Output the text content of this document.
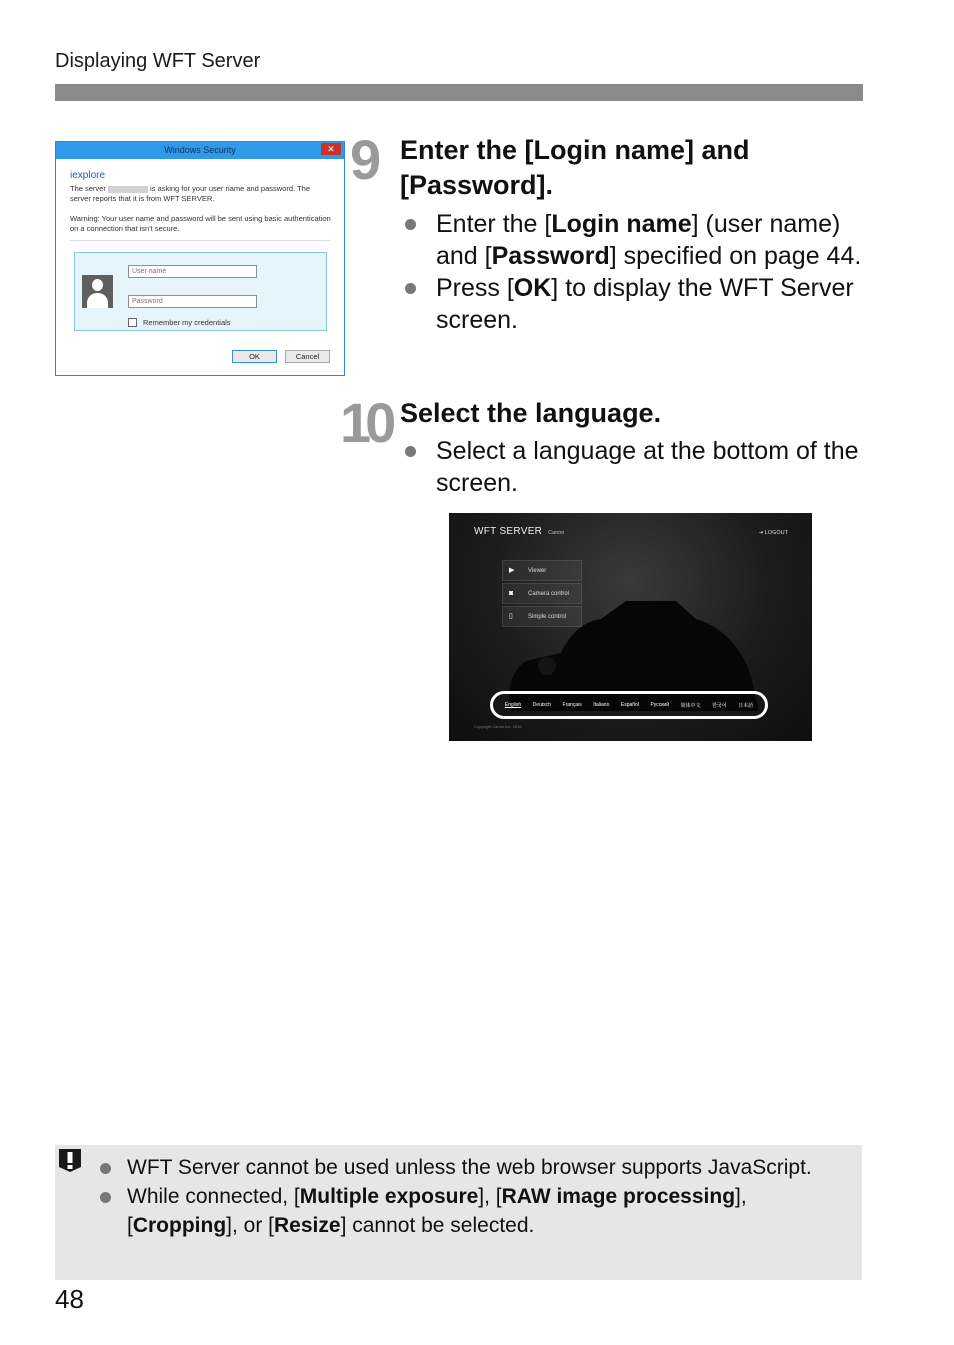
Displaying WFT Server
Windows Security	✕
iexplore
The server	is asking for your user name and password. The server reports that it is from WFT SERVER.
Warning: Your user name and password will be sent using basic authentication on a connection that isn't secure.
User name
Password
Remember my credentials
OK	Cancel
9 Enter the [Login name] and
[Password].
Enter the [Login name] (user name) and [Password] specified on page 44.
Press [OK] to display the WFT Server screen.
10 Select the language.
Select a language at the bottom of the screen.
WFT SERVER Canon	⇥ LOGOUT
▶	Viewer
◙	Camera control
▯	Simple control
English Deutsch Français Italiano Español Русский 简体中文 한국어 日本語
Copyright Canon Inc. 2016
WFT Server cannot be used unless the web browser supports JavaScript.
While connected, [Multiple exposure], [RAW image processing], [Cropping], or [Resize] cannot be selected.
48
